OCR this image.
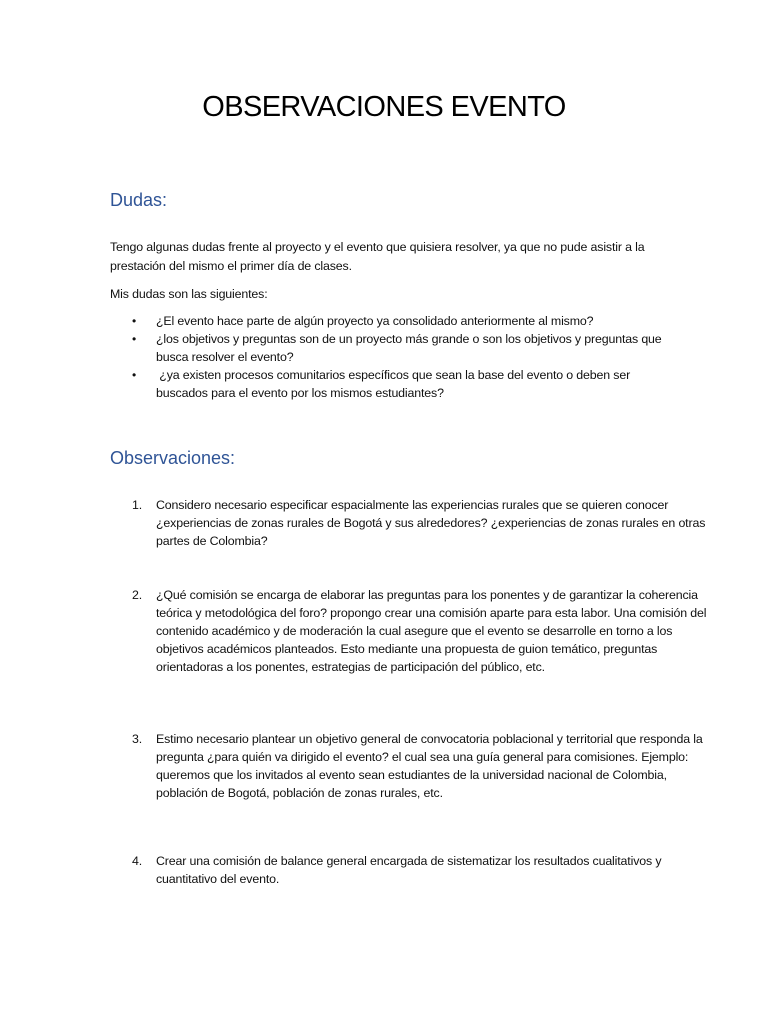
OBSERVACIONES EVENTO
Dudas:

Tengo algunas dudas frente al proyecto y el evento que quisiera resolver, ya que no pude asistir a la prestación del mismo el primer día de clases.

Mis dudas son las siguientes:

• ¿El evento hace parte de algún proyecto ya consolidado anteriormente al mismo?
• ¿los objetivos y preguntas son de un proyecto más grande o son los objetivos y preguntas que busca resolver el evento?
• ¿ya existen procesos comunitarios específicos que sean la base del evento o deben ser buscados para el evento por los mismos estudiantes?
Observaciones:
1. Considero necesario especificar espacialmente las experiencias rurales que se quieren conocer ¿experiencias de zonas rurales de Bogotá y sus alrededores? ¿experiencias de zonas rurales en otras partes de Colombia?
2. ¿Qué comisión se encarga de elaborar las preguntas para los ponentes y de garantizar la coherencia teórica y metodológica del foro? propongo crear una comisión aparte para esta labor. Una comisión del contenido académico y de moderación la cual asegure que el evento se desarrolle en torno a los objetivos académicos planteados. Esto mediante una propuesta de guion temático, preguntas orientadoras a los ponentes, estrategias de participación del público, etc.
3. Estimo necesario plantear un objetivo general de convocatoria poblacional y territorial que responda la pregunta ¿para quién va dirigido el evento? el cual sea una guía general para comisiones. Ejemplo: queremos que los invitados al evento sean estudiantes de la universidad nacional de Colombia, población de Bogotá, población de zonas rurales, etc.
4. Crear una comisión de balance general encargada de sistematizar los resultados cualitativos y cuantitativo del evento.
